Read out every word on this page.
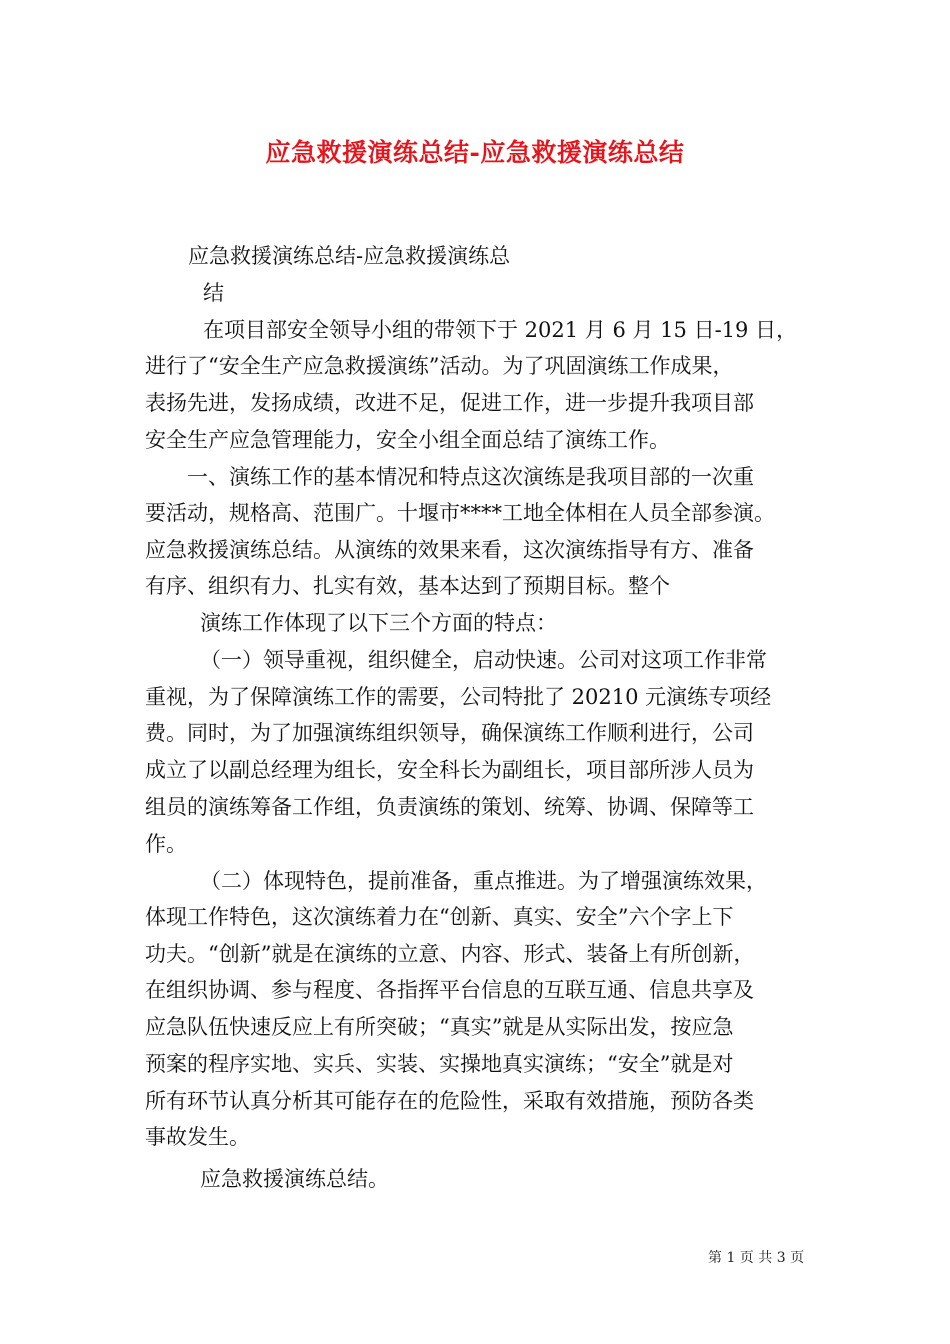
应急救援演练总结-应急救援演练总结
应急救援演练总结-应急救援演练总
结
在项目部安全领导小组的带领下于 2021 月 6 月 15 日-19 日，
进行了“安全生产应急救援演练”活动。为了巩固演练工作成果，
表扬先进，发扬成绩，改进不足，促进工作，进一步提升我项目部
安全生产应急管理能力，安全小组全面总结了演练工作。
一、演练工作的基本情况和特点这次演练是我项目部的一次重
要活动，规格高、范围广。十堰市****工地全体相在人员全部参演。
应急救援演练总结。从演练的效果来看，这次演练指导有方、准备
有序、组织有力、扎实有效，基本达到了预期目标。整个
演练工作体现了以下三个方面的特点：
（一）领导重视，组织健全，启动快速。公司对这项工作非常
重视，为了保障演练工作的需要，公司特批了 20210 元演练专项经
费。同时，为了加强演练组织领导，确保演练工作顺利进行，公司
成立了以副总经理为组长，安全科长为副组长，项目部所涉人员为
组员的演练筹备工作组，负责演练的策划、统筹、协调、保障等工
作。
（二）体现特色，提前准备，重点推进。为了增强演练效果，
体现工作特色，这次演练着力在“创新、真实、安全”六个字上下
功夫。“创新”就是在演练的立意、内容、形式、装备上有所创新，
在组织协调、参与程度、各指挥平台信息的互联互通、信息共享及
应急队伍快速反应上有所突破；“真实”就是从实际出发，按应急
预案的程序实地、实兵、实装、实操地真实演练；“安全”就是对
所有环节认真分析其可能存在的危险性，采取有效措施，预防各类
事故发生。
应急救援演练总结。
第 1 页 共 3 页
